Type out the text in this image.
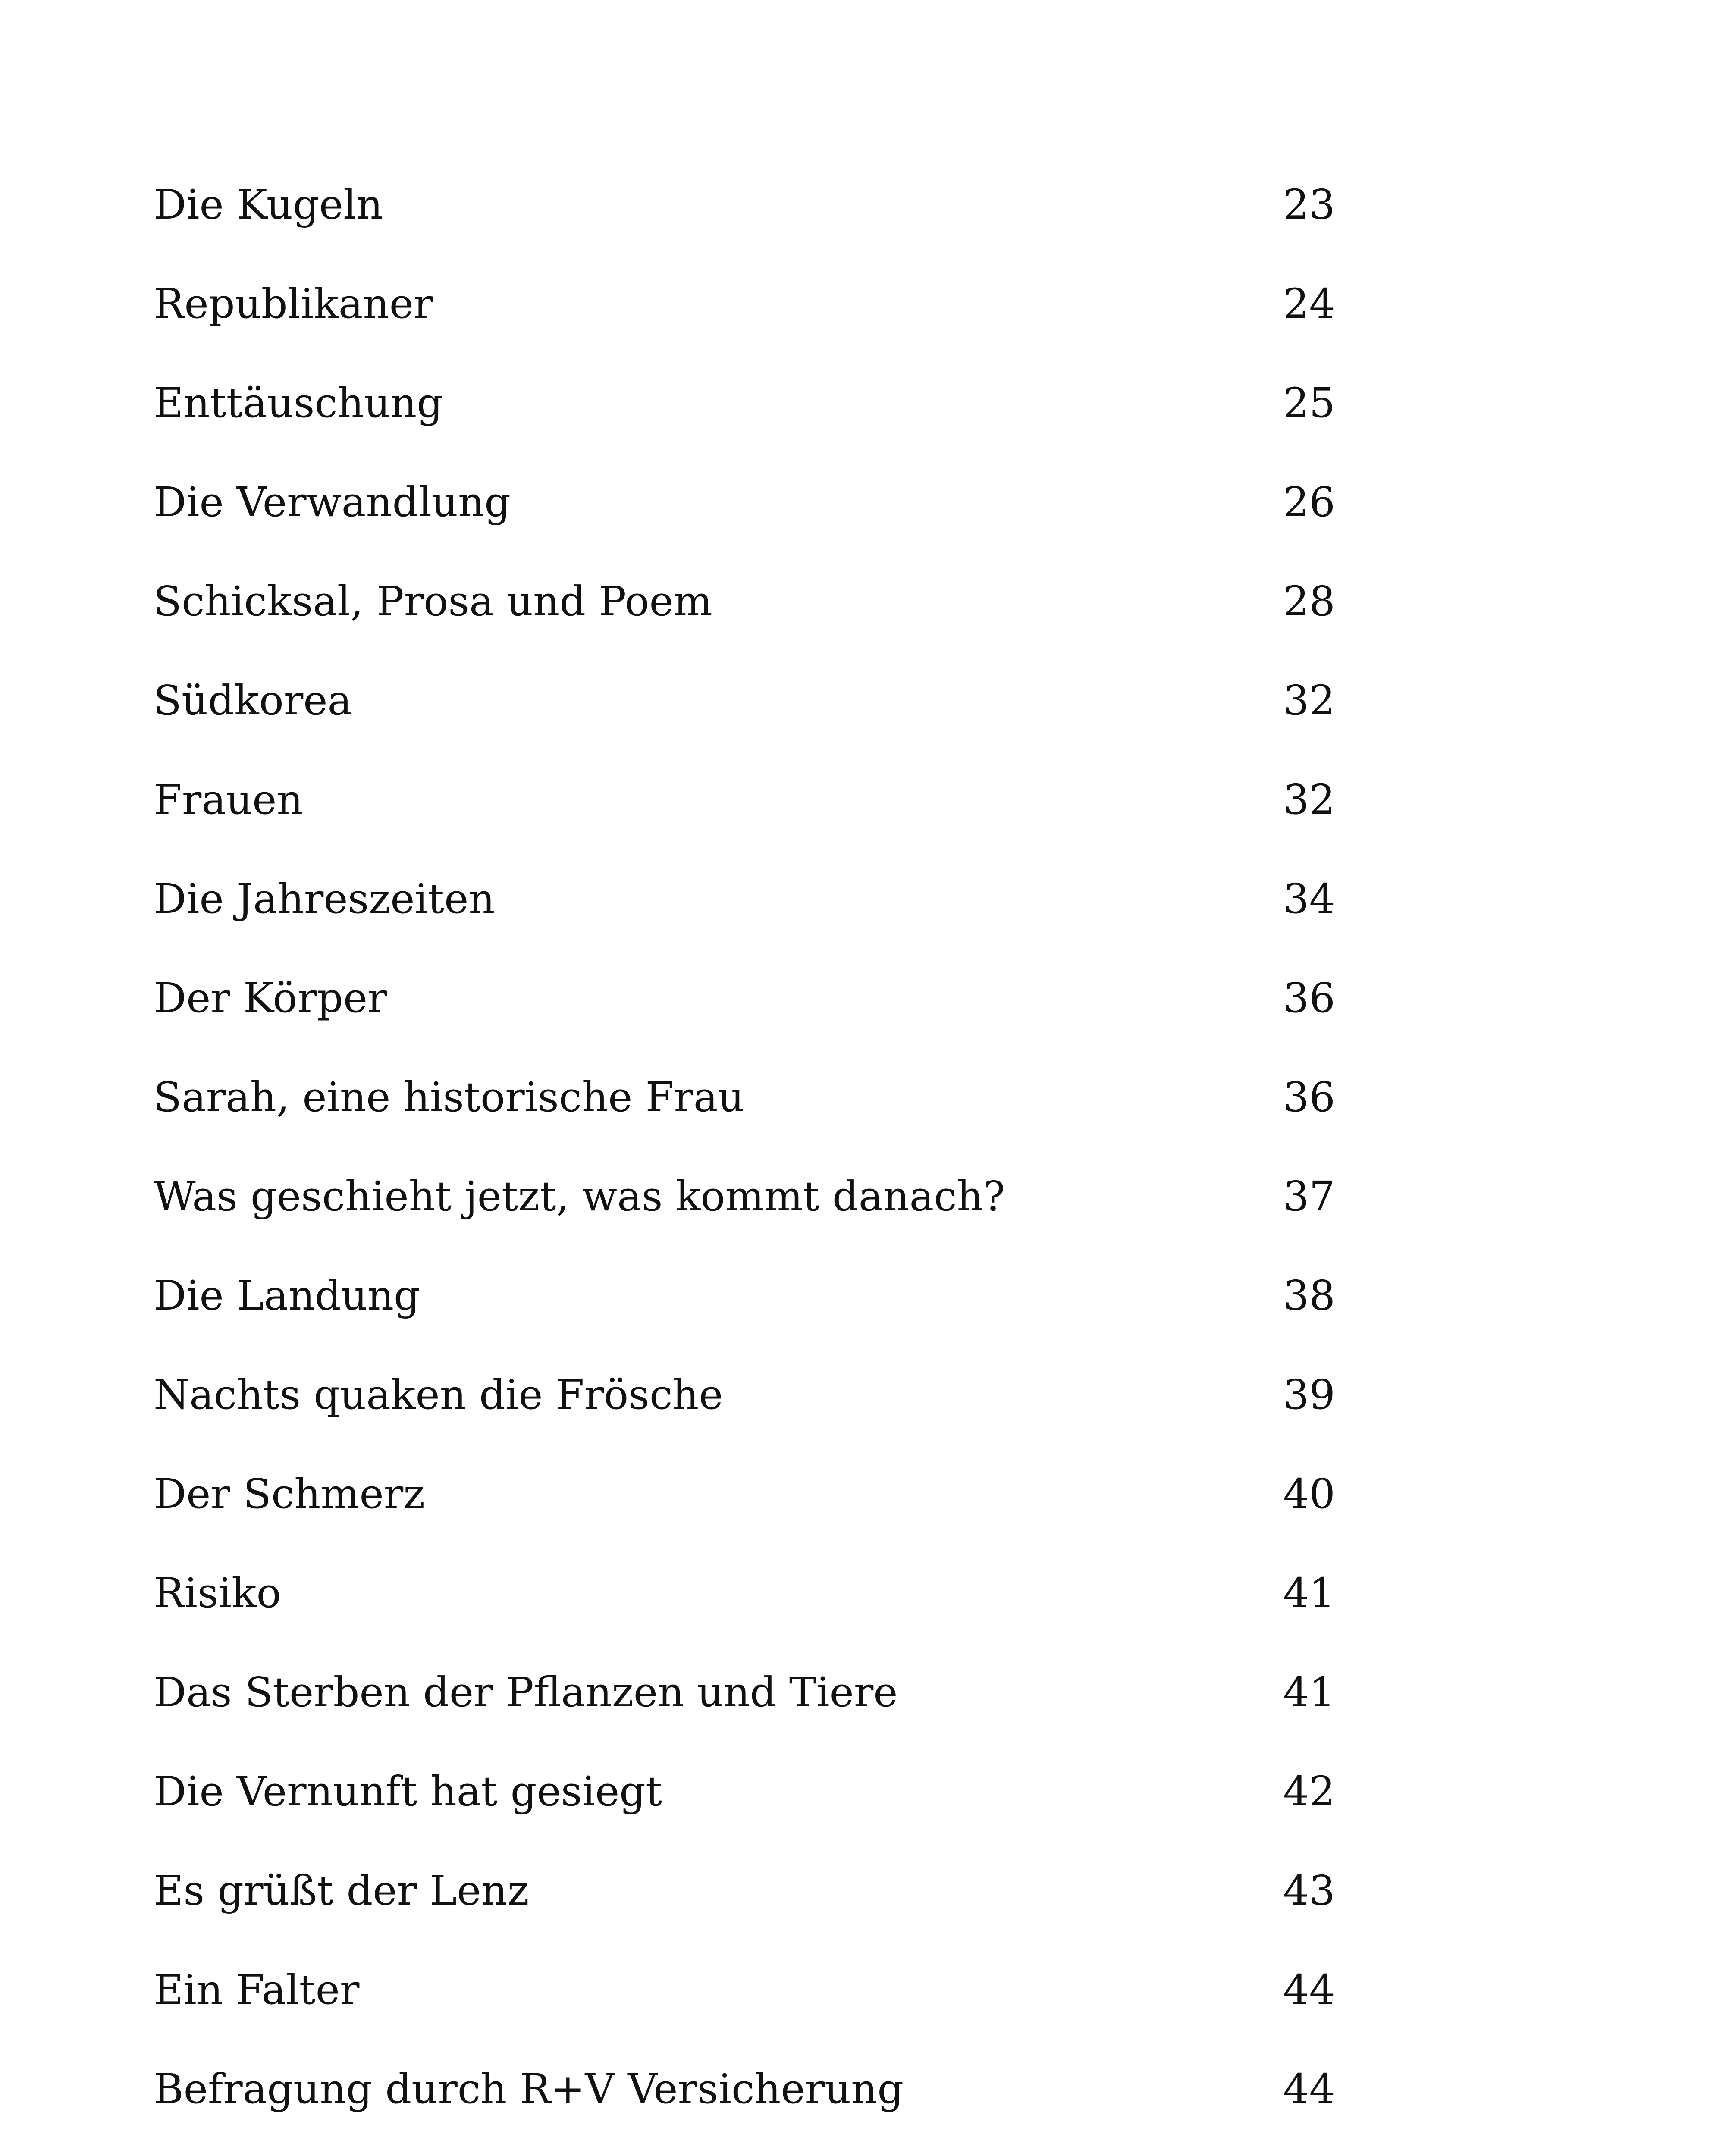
Die Kugeln	23
Republikaner	24
Enttäuschung	25
Die Verwandlung	26
Schicksal, Prosa und Poem	28
Südkorea	32
Frauen	32
Die Jahreszeiten	34
Der Körper	36
Sarah, eine historische Frau	36
Was geschieht jetzt, was kommt danach?	37
Die Landung	38
Nachts quaken die Frösche	39
Der Schmerz	40
Risiko	41
Das Sterben der Pflanzen und Tiere	41
Die Vernunft hat gesiegt	42
Es grüßt der Lenz	43
Ein Falter	44
Befragung durch R+V Versicherung	44
